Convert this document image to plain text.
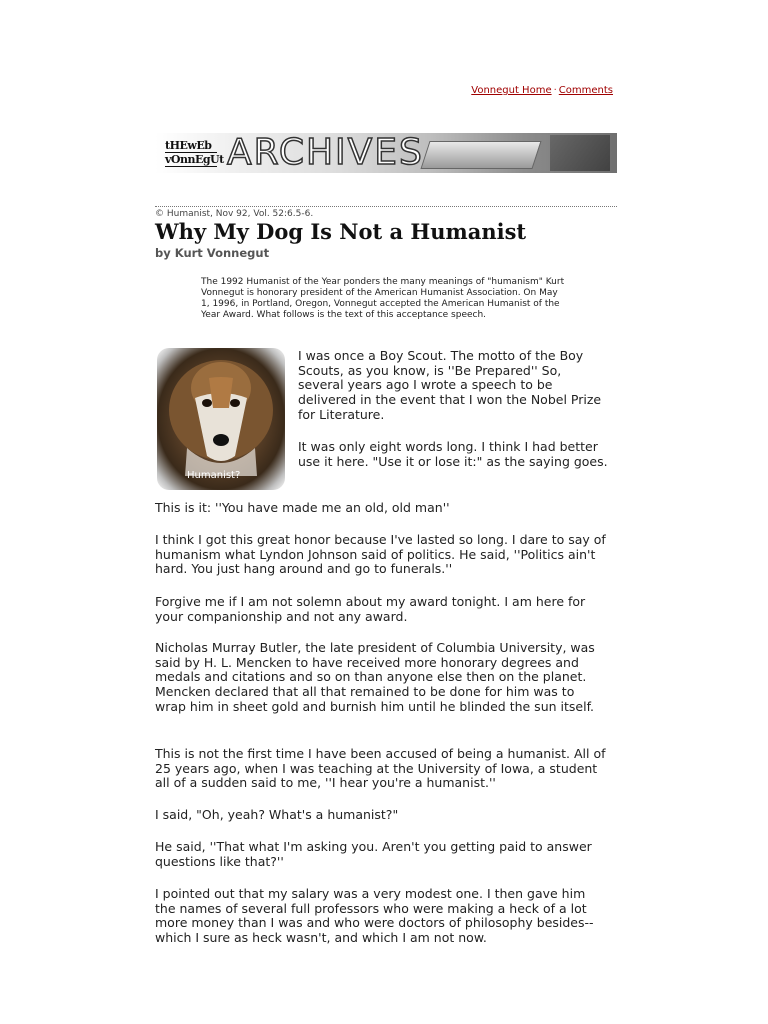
Vonnegut Home · Comments
tHEwEb
vOnnEgUt ARCHIVES
© Humanist, Nov 92, Vol. 52:6.5-6.
Why My Dog Is Not a Humanist
by Kurt Vonnegut

The 1992 Humanist of the Year ponders the many meanings of "humanism" Kurt Vonnegut is honorary president of the American Humanist Association. On May 1, 1996, in Portland, Oregon, Vonnegut accepted the American Humanist of the Year Award. What follows is the text of this acceptance speech.

Humanist?

I was once a Boy Scout. The motto of the Boy Scouts, as you know, is ''Be Prepared'' So, several years ago I wrote a speech to be delivered in the event that I won the Nobel Prize for Literature.

It was only eight words long. I think I had better use it here. "Use it or lose it:" as the saying goes.

This is it: ''You have made me an old, old man''

I think I got this great honor because I've lasted so long. I dare to say of humanism what Lyndon Johnson said of politics. He said, ''Politics ain't hard. You just hang around and go to funerals.''

Forgive me if I am not solemn about my award tonight. I am here for your companionship and not any award.

Nicholas Murray Butler, the late president of Columbia University, was said by H. L. Mencken to have received more honorary degrees and medals and citations and so on than anyone else then on the planet. Mencken declared that all that remained to be done for him was to wrap him in sheet gold and burnish him until he blinded the sun itself.

This is not the first time I have been accused of being a humanist. All of 25 years ago, when I was teaching at the University of Iowa, a student all of a sudden said to me, ''I hear you're a humanist.''

I said, "Oh, yeah? What's a humanist?"

He said, ''That what I'm asking you. Aren't you getting paid to answer questions like that?''

I pointed out that my salary was a very modest one. I then gave him the names of several full professors who were making a heck of a lot more money than I was and who were doctors of philosophy besides--which I sure as heck wasn't, and which I am not now.
